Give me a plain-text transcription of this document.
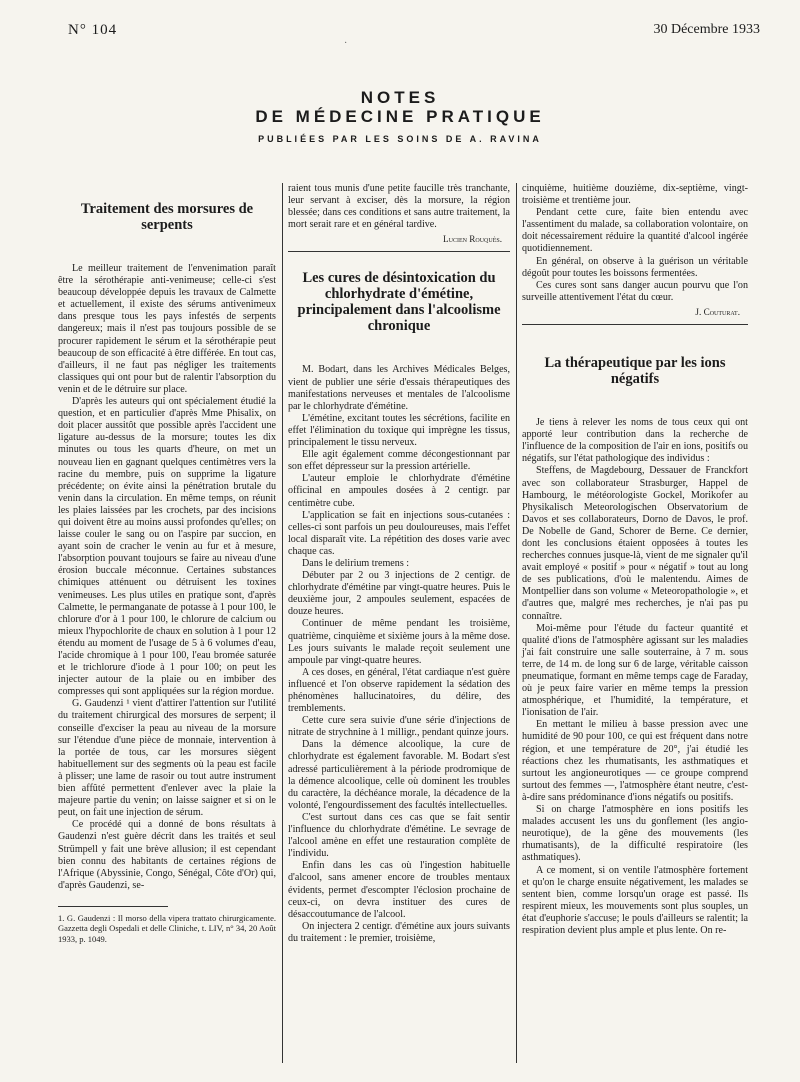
N° 104	30 Décembre 1933
·
NOTES
DE MÉDECINE PRATIQUE
PUBLIÉES PAR LES SOINS DE A. RAVINA
Traitement des morsures de serpents

Le meilleur traitement de l'envenimation paraît être la sérothérapie anti-venimeuse; celle-ci s'est beaucoup développée depuis les travaux de Calmette et actuellement, il existe des sérums antivenimeux dans presque tous les pays infestés de serpents dangereux; mais il n'est pas toujours possible de se procurer rapidement le sérum et la sérothérapie peut beaucoup de son efficacité à être différée. En tout cas, d'ailleurs, il ne faut pas négliger les traitements classiques qui ont pour but de ralentir l'absorption du venin et de le détruire sur place.

D'après les auteurs qui ont spécialement étudié la question, et en particulier d'après Mme Phisalix, on doit placer aussitôt que possible après l'accident une ligature au-dessus de la morsure; toutes les dix minutes ou tous les quarts d'heure, on met un nouveau lien en gagnant quelques centimètres vers la racine du membre, puis on supprime la ligature précédente; on évite ainsi la pénétration brutale du venin dans la circulation. En même temps, on réunit les plaies laissées par les crochets, par des incisions qui doivent être au moins aussi profondes qu'elles; on laisse couler le sang ou on l'aspire par succion, en ayant soin de cracher le venin au fur et à mesure, l'absorption pouvant toujours se faire au niveau d'une érosion buccale méconnue. Certaines substances chimiques atténuent ou détruisent les toxines venimeuses. Les plus utiles en pratique sont, d'après Calmette, le permanganate de potasse à 1 pour 100, le chlorure d'or à 1 pour 100, le chlorure de calcium ou mieux l'hypochlorite de chaux en solution à 1 pour 12 étendu au moment de l'usage de 5 à 6 volumes d'eau, l'acide chromique à 1 pour 100, l'eau bromée saturée et le trichlorure d'iode à 1 pour 100; on peut les injecter autour de la plaie ou en imbiber des compresses qui sont appliquées sur la région mordue.

G. Gaudenzi ¹ vient d'attirer l'attention sur l'utilité du traitement chirurgical des morsures de serpent; il conseille d'exciser la peau au niveau de la morsure sur l'étendue d'une pièce de monnaie, intervention à la portée de tous, car les morsures siègent habituellement sur des segments où la peau est facile à plisser; une lame de rasoir ou tout autre instrument bien affûté permettent d'enlever avec la plaie la majeure partie du venin; on laisse saigner et si on le peut, on fait une injection de sérum.

Ce procédé qui a donné de bons résultats à Gaudenzi n'est guère décrit dans les traités et seul Strümpell y fait une brève allusion; il est cependant bien connu des habitants de certaines régions de l'Afrique (Abyssinie, Congo, Sénégal, Côte d'Or) qui, d'après Gaudenzi, se-

1. G. Gaudenzi : Il morso della vipera trattato chirurgicamente. Gazzetta degli Ospedali et delle Cliniche, t. LIV, n° 34, 20 Août 1933, p. 1049.

raient tous munis d'une petite faucille très tranchante, leur servant à exciser, dès la morsure, la région blessée; dans ces conditions et sans autre traitement, la mort serait rare et en général tardive.

Lucien Rouquès.
Les cures de désintoxication du chlorhydrate d'émétine, principalement dans l'alcoolisme chronique

M. Bodart, dans les Archives Médicales Belges, vient de publier une série d'essais thérapeutiques des manifestations nerveuses et mentales de l'alcoolisme par le chlorhydrate d'émétine.

L'émétine, excitant toutes les sécrétions, facilite en effet l'élimination du toxique qui imprègne les tissus, principalement le tissu nerveux.

Elle agit également comme décongestionnant par son effet dépresseur sur la pression artérielle.

L'auteur emploie le chlorhydrate d'émétine officinal en ampoules dosées à 2 centigr. par centimètre cube.

L'application se fait en injections sous-cutanées : celles-ci sont parfois un peu douloureuses, mais l'effet local disparaît vite. La répétition des doses varie avec chaque cas.

Dans le delirium tremens :

Débuter par 2 ou 3 injections de 2 centigr. de chlorhydrate d'émétine par vingt-quatre heures. Puis le deuxième jour, 2 ampoules seulement, espacées de douze heures.

Continuer de même pendant les troisième, quatrième, cinquième et sixième jours à la même dose. Les jours suivants le malade reçoit seulement une ampoule par vingt-quatre heures.

A ces doses, en général, l'état cardiaque n'est guère influencé et l'on observe rapidement la sédation des phénomènes hallucinatoires, du délire, des tremblements.

Cette cure sera suivie d'une série d'injections de nitrate de strychnine à 1 milligr., pendant quinze jours.

Dans la démence alcoolique, la cure de chlorhydrate est également favorable. M. Bodart s'est adressé particulièrement à la période prodromique de la démence alcoolique, celle où dominent les troubles du caractère, la déchéance morale, la décadence de la volonté, l'engourdissement des facultés intellectuelles.

C'est surtout dans ces cas que se fait sentir l'influence du chlorhydrate d'émétine. Le sevrage de l'alcool amène en effet une restauration complète de l'individu.

Enfin dans les cas où l'ingestion habituelle d'alcool, sans amener encore de troubles mentaux évidents, permet d'escompter l'éclosion prochaine de ceux-ci, on devra instituer des cures de désaccoutumance de l'alcool.

On injectera 2 centigr. d'émétine aux jours suivants du traitement : le premier, troisième,

cinquième, huitième douzième, dix-septième, vingt-troisième et trentième jour.

Pendant cette cure, faite bien entendu avec l'assentiment du malade, sa collaboration volontaire, on doit nécessairement réduire la quantité d'alcool ingérée quotidiennement.

En général, on observe à la guérison un véritable dégoût pour toutes les boissons fermentées.

Ces cures sont sans danger aucun pourvu que l'on surveille attentivement l'état du cœur.

J. Couturat.
La thérapeutique par les ions négatifs

Je tiens à relever les noms de tous ceux qui ont apporté leur contribution dans la recherche de l'influence de la composition de l'air en ions, positifs ou négatifs, sur l'état pathologique des individus :

Steffens, de Magdebourg, Dessauer de Franckfort avec son collaborateur Strasburger, Happel de Hambourg, le météorologiste Gockel, Morikofer au Physikalisch Meteorologischen Observatorium de Davos et ses collaborateurs, Dorno de Davos, le prof. De Nobelle de Gand, Schorer de Berne. Ce dernier, dont les conclusions étaient opposées à toutes les recherches connues jusque-là, vient de me signaler qu'il avait employé « positif » pour « négatif » tout au long de ses publications, d'où le malentendu. Aimes de Montpellier dans son volume « Meteoropathologie », et d'autres que, malgré mes recherches, je n'ai pas pu connaître.

Moi-même pour l'étude du facteur quantité et qualité d'ions de l'atmosphère agissant sur les maladies j'ai fait construire une salle souterraine, à 7 m. sous terre, de 14 m. de long sur 6 de large, véritable caisson pneumatique, formant en même temps cage de Faraday, où je peux faire varier en même temps la pression atmosphérique, et l'humidité, la température, et l'ionisation de l'air.

En mettant le milieu à basse pression avec une humidité de 90 pour 100, ce qui est fréquent dans notre région, et une température de 20°, j'ai étudié les réactions chez les rhumatisants, les asthmatiques et surtout les angioneurotiques — ce groupe comprend surtout des femmes —, l'atmosphère étant neutre, c'est-à-dire sans prédominance d'ions négatifs ou positifs.

Si on charge l'atmosphère en ions positifs les malades accusent les uns du gonflement (les angio-neurotique), de la gêne des mouvements (les rhumatisants), de la difficulté respiratoire (les asthmatiques).

A ce moment, si on ventile l'atmosphère fortement et qu'on le charge ensuite négativement, les malades se sentent bien, comme lorsqu'un orage est passé. Ils respirent mieux, les mouvements sont plus souples, un état d'euphorie s'accuse; le pouls d'ailleurs se ralentit; la respiration devient plus ample et plus lente. On re-
